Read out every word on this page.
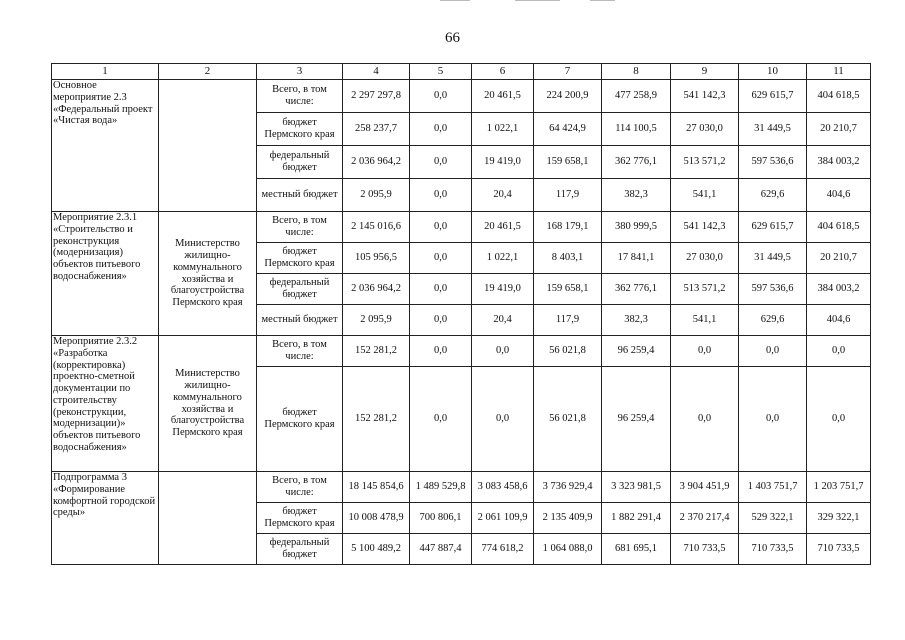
66
1	2	3	4	5	6	7	8	9	10	11
Основное мероприятие 2.3 «Федеральный проект «Чистая вода»		Всего, в том числе:	2 297 297,8	0,0	20 461,5	224 200,9	477 258,9	541 142,3	629 615,7	404 618,5
		бюджет Пермского края	258 237,7	0,0	1 022,1	64 424,9	114 100,5	27 030,0	31 449,5	20 210,7
		федеральный бюджет	2 036 964,2	0,0	19 419,0	159 658,1	362 776,1	513 571,2	597 536,6	384 003,2
		местный бюджет	2 095,9	0,0	20,4	117,9	382,3	541,1	629,6	404,6
Мероприятие 2.3.1 «Строительство и реконструкция (модернизация) объектов питьевого водоснабжения»	Министерство жилищно-коммунального хозяйства и благоустройства Пермского края	Всего, в том числе:	2 145 016,6	0,0	20 461,5	168 179,1	380 999,5	541 142,3	629 615,7	404 618,5
		бюджет Пермского края	105 956,5	0,0	1 022,1	8 403,1	17 841,1	27 030,0	31 449,5	20 210,7
		федеральный бюджет	2 036 964,2	0,0	19 419,0	159 658,1	362 776,1	513 571,2	597 536,6	384 003,2
		местный бюджет	2 095,9	0,0	20,4	117,9	382,3	541,1	629,6	404,6
Мероприятие 2.3.2 «Разработка (корректировка) проектно-сметной документации по строительству (реконструкции, модернизации)» объектов питьевого водоснабжения»	Министерство жилищно-коммунального хозяйства и благоустройства Пермского края	Всего, в том числе:	152 281,2	0,0	0,0	56 021,8	96 259,4	0,0	0,0	0,0
		бюджет Пермского края	152 281,2	0,0	0,0	56 021,8	96 259,4	0,0	0,0	0,0
Подпрограмма 3 «Формирование комфортной городской среды»		Всего, в том числе:	18 145 854,6	1 489 529,8	3 083 458,6	3 736 929,4	3 323 981,5	3 904 451,9	1 403 751,7	1 203 751,7
		бюджет Пермского края	10 008 478,9	700 806,1	2 061 109,9	2 135 409,9	1 882 291,4	2 370 217,4	529 322,1	329 322,1
		федеральный бюджет	5 100 489,2	447 887,4	774 618,2	1 064 088,0	681 695,1	710 733,5	710 733,5	710 733,5
